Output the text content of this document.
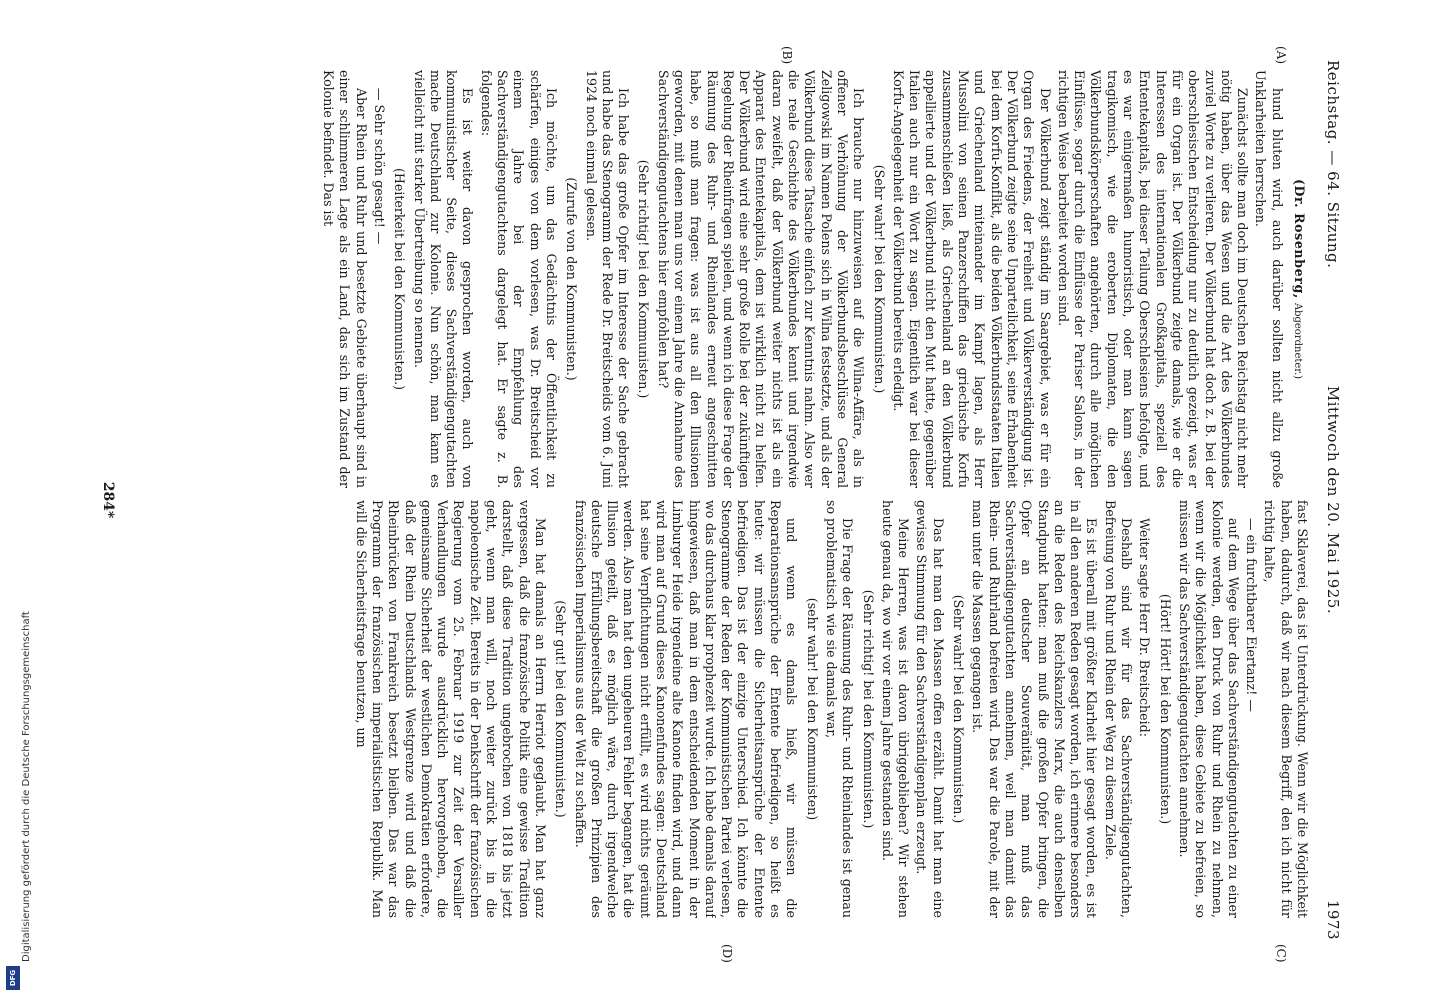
DFG
Digitalisierung gefördert durch die Deutsche Forschungsgemeinschaft
Reichstag. — 64. Sitzung.
Mittwoch den 20. Mai 1925.
1973
(A)
(B)
(C)
(D)

(Dr. Rosenberg, Abgeordneter.)

hund bluten wird, auch darüber sollten nicht allzu große Unklarheiten herrschen.

Zunächst sollte man doch im Deutschen Reichstag nicht mehr nötig haben, über das Wesen und die Art des Völkerbundes zuviel Worte zu verlieren. Der Völkerbund hat doch z. B. bei der oberschlesischen Entscheidung nur zu deutlich gezeigt, was er für ein Organ ist. Der Völkerbund zeigte damals, wie er die Interessen des internationalen Großkapitals, speziell des Ententekapitals, bei dieser Teilung Oberschlesiens befolgte, und es war einigermaßen humoristisch, oder man kann sagen tragikomisch, wie die eroberten Diplomaten, die den Völkerbundskörperschaften angehörten, durch alle möglichen Einflüsse, sogar durch die Einflüsse der Pariser Salons, in der richtigen Weise bearbeitet worden sind.

Der Völkerbund zeigt ständig im Saargebiet, was er für ein Organ des Friedens, der Freiheit und Völkerverständigung ist. Der Völkerbund zeigte seine Unparteilichkeit, seine Erhabenheit bei dem Korfu-Konflikt, als die beiden Völkerbundsstaaten Italien und Griechenland miteinander im Kampf lagen, als Herr Mussolini von seinen Panzerschiffen das griechische Korfu zusammenschießen ließ, als Griechenland an den Völkerbund appellierte und der Völkerbund nicht den Mut hatte, gegenüber Italien auch nur ein Wort zu sagen. Eigentlich war bei dieser Korfu-Angelegenheit der Völkerbund bereits erledigt.

(Sehr wahr! bei den Kommunisten.)

Ich brauche nur hinzuweisen auf die Wilna-Affäre, als in offener Verhöhnung der Völkerbundsbeschlüsse General Zeligowski im Namen Polens sich in Wilna festsetzte, und als der Völkerbund diese Tatsache einfach zur Kenntnis nahm. Also wer die reale Geschichte des Völkerbundes kennt und irgendwie daran zweifelt, daß der Völkerbund weiter nichts ist als ein Apparat des Ententekapitals, dem ist wirklich nicht zu helfen. Der Völkerbund wird eine sehr große Rolle bei der zukünftigen Regelung der Rheinfragen spielen, und wenn ich diese Frage der Räumung des Ruhr- und Rheinlandes erneut angeschnitten habe, so muß man fragen: was ist aus all den Illusionen geworden, mit denen man uns vor einem Jahre die Annahme des Sachverständigengutachtens hier empfohlen hat?

(Sehr richtig! bei den Kommunisten.)

Ich habe das große Opfer im Interesse der Sache gebracht und habe das Stenogramm der Rede Dr. Breitscheids vom 6. Juni 1924 noch einmal gelesen.

(Zurufe von den Kommunisten.)

Ich möchte, um das Gedächtnis der Öffentlichkeit zu schärfen, einiges von dem vorlesen, was Dr. Breitscheid vor einem Jahre bei der Empfehlung des Sachverständigengutachtens dargelegt hat. Er sagte z. B. folgendes:

Es ist weiter davon gesprochen worden, auch von kommunistischer Seite, dieses Sachverständigengutachten mache Deutschland zur Kolonie. Nun schön, man kann es vielleicht mit starker Übertreibung so nennen.

(Heiterkeit bei den Kommunisten.)

— Sehr schön gesagt! —

Aber Rhein und Ruhr und besetzte Gebiete überhaupt sind in einer schlimmeren Lage als ein Land, das sich im Zustand der Kolonie befindet. Das ist

fast Sklaverei, das ist Unterdrückung. Wenn wir die Möglichkeit haben, dadurch, daß wir nach diesem Begriff, den ich nicht für richtig halte,

— ein furchtbarer Eiertanz! —

auf dem Wege über das Sachverständigengutachten zu einer Kolonie werden, den Druck von Ruhr und Rhein zu nehmen, wenn wir die Möglichkeit haben, diese Gebiete zu befreien, so müssen wir das Sachverständigengutachten annehmen.

(Hört! Hört! bei den Kommunisten.)

Weiter sagte Herr Dr. Breitscheid:

Deshalb sind wir für das Sachverständigengutachten, Befreiung von Ruhr und Rhein der Weg zu diesem Ziele.

Es ist überall mit größter Klarheit hier gesagt worden, es ist in all den anderen Reden gesagt worden, ich erinnere besonders an die Reden des Reichskanzlers Marx, die auch denselben Standpunkt hatten: man muß die großen Opfer bringen, die Opfer an deutscher Souveränität, man muß das Sachverständigengutachten annehmen, weil man damit das Rhein- und Ruhrland befreien wird. Das war die Parole, mit der man unter die Massen gegangen ist.

(Sehr wahr! bei den Kommunisten.)

Das hat man den Massen offen erzählt. Damit hat man eine gewisse Stimmung für den Sachverständigenplan erzeugt.

Meine Herren, was ist davon übriggeblieben? Wir stehen heute genau da, wo wir vor einem Jahre gestanden sind.

(Sehr richtig! bei den Kommunisten.)

Die Frage der Räumung des Ruhr- und Rheinlandes ist genau so problematisch wie sie damals war,

(sehr wahr! bei den Kommunisten)

und wenn es damals hieß, wir müssen die Reparationsansprüche der Entente befriedigen, so heißt es heute: wir müssen die Sicherheitsansprüche der Entente befriedigen. Das ist der einzige Unterschied. Ich könnte die Stenogramme der Reden der Kommunistischen Partei verlesen, wo das durchaus klar prophezeit wurde. Ich habe damals darauf hingewiesen, daß man in dem entscheidenden Moment in der Limburger Heide irgendeine alte Kanone finden wird, und dann wird man auf Grund dieses Kanonenfundes sagen: Deutschland hat seine Verpflichtungen nicht erfüllt, es wird nichts geräumt werden. Also man hat den ungeheuren Fehler begangen, hat die Illusion geteilt, daß es möglich wäre, durch irgendwelche deutsche Erfüllungsbereitschaft die großen Prinzipien des französischen Imperialismus aus der Welt zu schaffen.

(Sehr gut! bei den Kommunisten.)

Man hat damals an Herrn Herriot geglaubt. Man hat ganz vergessen, daß die französische Politik eine gewisse Tradition darstellt, daß diese Tradition ungebrochen von 1818 bis jetzt geht, wenn man will, noch weiter zurück bis in die napoleonische Zeit. Bereits in der Denkschrift der französischen Regierung vom 25. Februar 1919 zur Zeit der Versailler Verhandlungen wurde ausdrücklich hervorgehoben, die gemeinsame Sicherheit der westlichen Demokratien erfordere, daß der Rhein Deutschlands Westgrenze wird und daß die Rheinbrücken von Frankreich besetzt bleiben. Das war das Programm der französischen imperialistischen Republik. Man will die Sicherheitsfrage benutzen, um

284*
